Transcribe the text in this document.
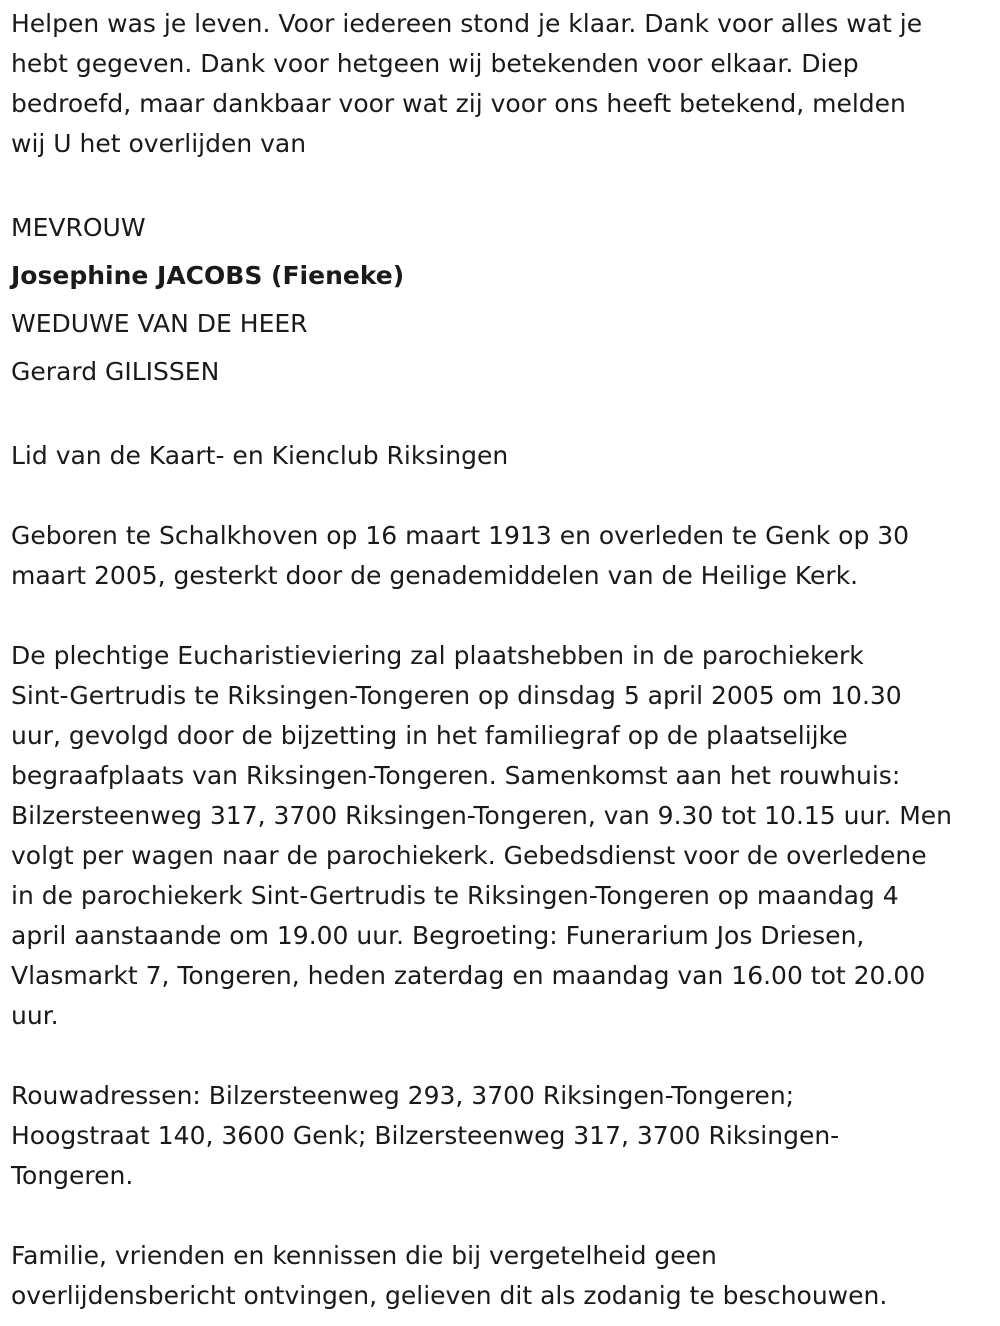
Helpen was je leven. Voor iedereen stond je klaar. Dank voor alles wat je
hebt gegeven. Dank voor hetgeen wij betekenden voor elkaar. Diep
bedroefd, maar dankbaar voor wat zij voor ons heeft betekend, melden
wij U het overlijden van
MEVROUW
Josephine JACOBS (Fieneke)
WEDUWE VAN DE HEER
Gerard GILISSEN
Lid van de Kaart- en Kienclub Riksingen
Geboren te Schalkhoven op 16 maart 1913 en overleden te Genk op 30
maart 2005, gesterkt door de genademiddelen van de Heilige Kerk.
De plechtige Eucharistieviering zal plaatshebben in de parochiekerk
Sint-Gertrudis te Riksingen-Tongeren op dinsdag 5 april 2005 om 10.30
uur, gevolgd door de bijzetting in het familiegraf op de plaatselijke
begraafplaats van Riksingen-Tongeren. Samenkomst aan het rouwhuis:
Bilzersteenweg 317, 3700 Riksingen-Tongeren, van 9.30 tot 10.15 uur. Men
volgt per wagen naar de parochiekerk. Gebedsdienst voor de overledene
in de parochiekerk Sint-Gertrudis te Riksingen-Tongeren op maandag 4
april aanstaande om 19.00 uur. Begroeting: Funerarium Jos Driesen,
Vlasmarkt 7, Tongeren, heden zaterdag en maandag van 16.00 tot 20.00
uur.
Rouwadressen: Bilzersteenweg 293, 3700 Riksingen-Tongeren;
Hoogstraat 140, 3600 Genk; Bilzersteenweg 317, 3700 Riksingen-
Tongeren.
Familie, vrienden en kennissen die bij vergetelheid geen
overlijdensbericht ontvingen, gelieven dit als zodanig te beschouwen.
